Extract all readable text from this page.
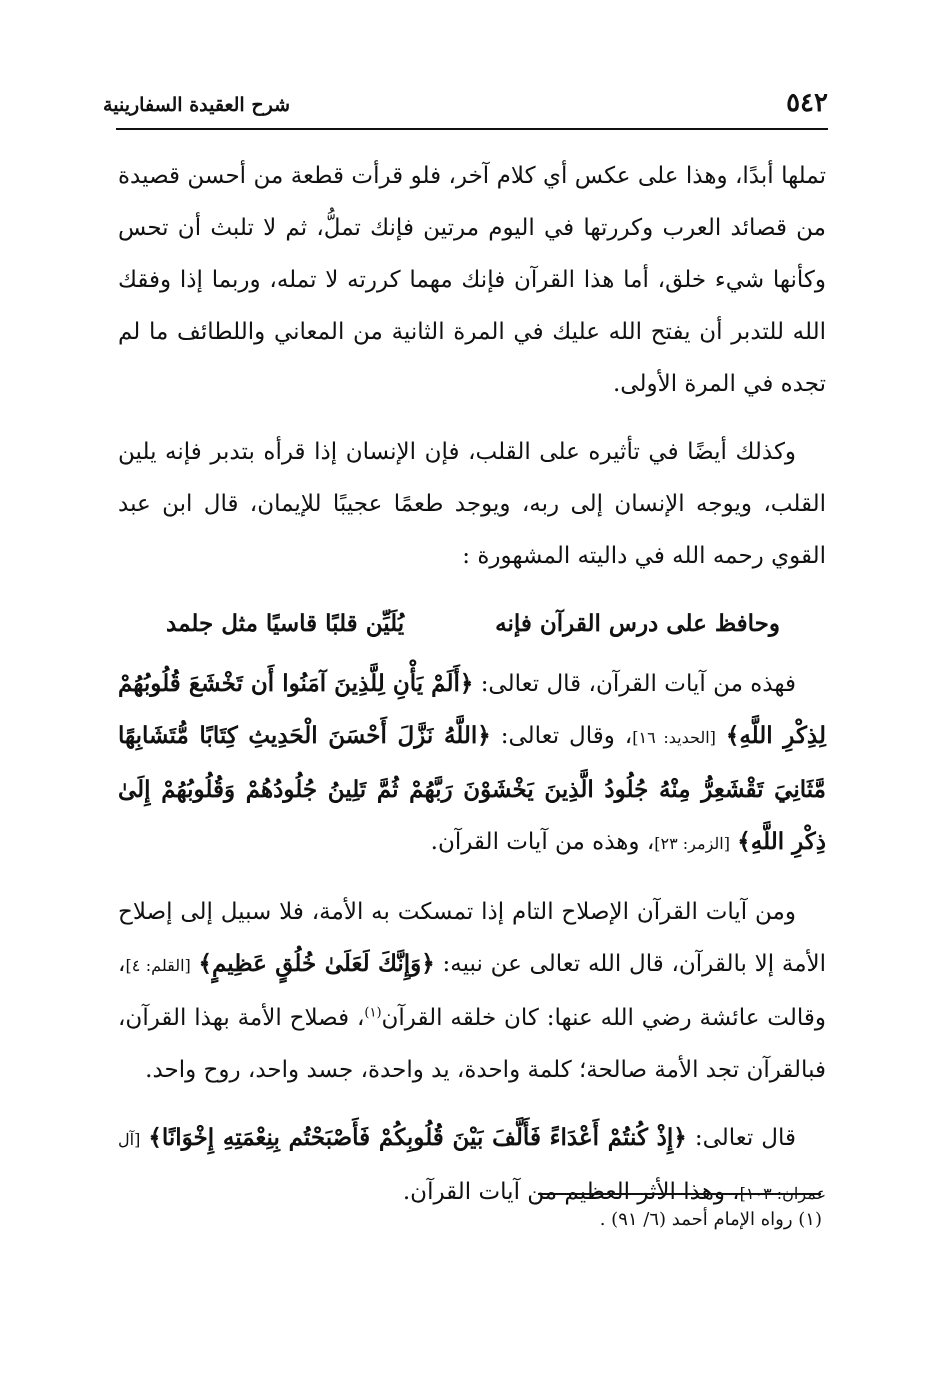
٥٤٢
شرح العقيدة السفارينية

تملها أبدًا، وهذا على عكس أي كلام آخر، فلو قرأت قطعة من أحسن قصيدة من قصائد العرب وكررتها في اليوم مرتين فإنك تملُّ، ثم لا تلبث أن تحس وكأنها شيء خلق، أما هذا القرآن فإنك مهما كررته لا تمله، وربما إذا وفقك الله للتدبر أن يفتح الله عليك في المرة الثانية من المعاني واللطائف ما لم تجده في المرة الأولى.

وكذلك أيضًا في تأثيره على القلب، فإن الإنسان إذا قرأه بتدبر فإنه يلين القلب، ويوجه الإنسان إلى ربه، ويوجد طعمًا عجيبًا للإيمان، قال ابن عبد القوي رحمه الله في داليته المشهورة :

وحافظ على درس القرآن فإنه
يُلَيِّن قلبًا قاسيًا مثل جلمد

فهذه من آيات القرآن، قال تعالى: ﴿أَلَمْ يَأْنِ لِلَّذِينَ آمَنُوا أَن تَخْشَعَ قُلُوبُهُمْ لِذِكْرِ اللَّهِ﴾ [الحديد: ١٦]، وقال تعالى: ﴿اللَّهُ نَزَّلَ أَحْسَنَ الْحَدِيثِ كِتَابًا مُّتَشَابِهًا مَّثَانِيَ تَقْشَعِرُّ مِنْهُ جُلُودُ الَّذِينَ يَخْشَوْنَ رَبَّهُمْ ثُمَّ تَلِينُ جُلُودُهُمْ وَقُلُوبُهُمْ إِلَىٰ ذِكْرِ اللَّهِ﴾ [الزمر: ٢٣]، وهذه من آيات القرآن.

ومن آيات القرآن الإصلاح التام إذا تمسكت به الأمة، فلا سبيل إلى إصلاح الأمة إلا بالقرآن، قال الله تعالى عن نبيه: ﴿وَإِنَّكَ لَعَلَىٰ خُلُقٍ عَظِيمٍ﴾ [القلم: ٤]، وقالت عائشة رضي الله عنها: كان خلقه القرآن$^{(١)}$، فصلاح الأمة بهذا القرآن، فبالقرآن تجد الأمة صالحة؛ كلمة واحدة، يد واحدة، جسد واحد، روح واحد.

قال تعالى: ﴿إِذْ كُنتُمْ أَعْدَاءً فَأَلَّفَ بَيْنَ قُلُوبِكُمْ فَأَصْبَحْتُم بِنِعْمَتِهِ إِخْوَانًا﴾ [آل عمران: ١٠٣]، وهذا الأثر العظيم من آيات القرآن.

(١) رواه الإمام أحمد (٦/ ٩١) .
